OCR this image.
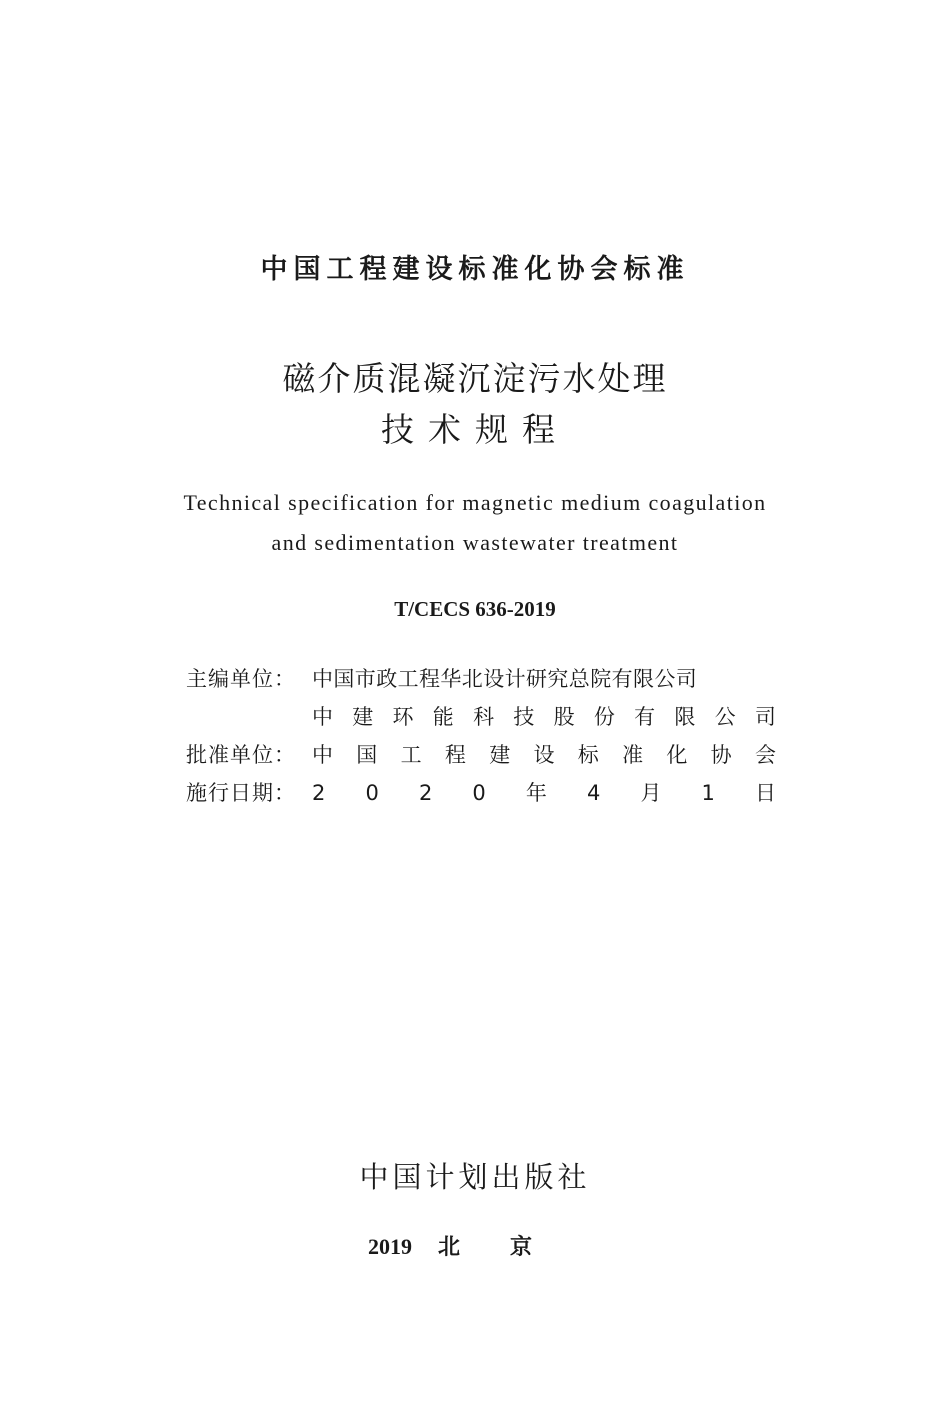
中国工程建设标准化协会标准
磁介质混凝沉淀污水处理
技术规程
Technical specification for magnetic medium coagulation
and sedimentation wastewater treatment
T/CECS 636-2019
主编单位： 中国市政工程华北设计研究总院有限公司
中 建 环 能 科 技 股 份 有 限 公 司
批准单位： 中 国 工 程 建 设 标 准 化 协 会
施行日期： 2 0 2 0 年 4 月 1 日
中国计划出版社
2019 北京
